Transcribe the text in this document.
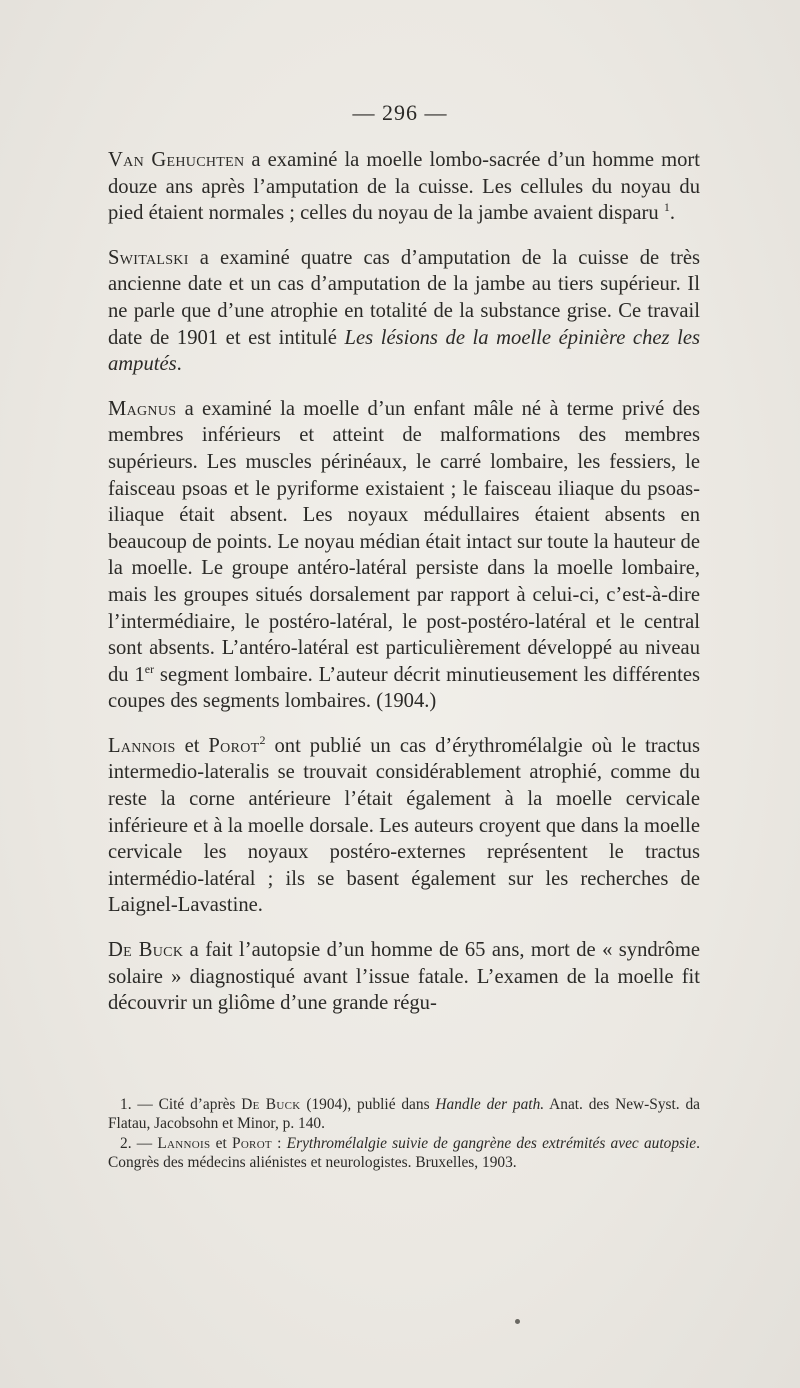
— 296 —

Van Gehuchten a examiné la moelle lombo-sacrée d’un homme mort douze ans après l’amputation de la cuisse. Les cellules du noyau du pied étaient normales ; celles du noyau de la jambe avaient disparu $^1$.

Switalski a examiné quatre cas d’amputation de la cuisse de très ancienne date et un cas d’amputation de la jambe au tiers supérieur. Il ne parle que d’une atrophie en totalité de la substance grise. Ce travail date de 1901 et est intitulé Les lésions de la moelle épinière chez les amputés.

Magnus a examiné la moelle d’un enfant mâle né à terme privé des membres inférieurs et atteint de malformations des membres supérieurs. Les muscles périnéaux, le carré lombaire, les fessiers, le faisceau psoas et le pyriforme existaient ; le faisceau iliaque du psoas-iliaque était absent. Les noyaux médullaires étaient absents en beaucoup de points. Le noyau médian était intact sur toute la hauteur de la moelle. Le groupe antéro-latéral persiste dans la moelle lombaire, mais les groupes situés dorsalement par rapport à celui-ci, c’est-à-dire l’intermédiaire, le postéro-latéral, le post-postéro-latéral et le central sont absents. L’antéro-latéral est particulièrement développé au niveau du 1er segment lombaire. L’auteur décrit minutieusement les différentes coupes des segments lombaires. (1904.)

Lannois et Porot$^2$ ont publié un cas d’érythromélalgie où le tractus intermedio-lateralis se trouvait considérablement atrophié, comme du reste la corne antérieure l’était également à la moelle cervicale inférieure et à la moelle dorsale. Les auteurs croyent que dans la moelle cervicale les noyaux postéro-externes représentent le tractus intermédio-latéral ; ils se basent également sur les recherches de Laignel-Lavastine.

De Buck a fait l’autopsie d’un homme de 65 ans, mort de « syndrôme solaire » diagnostiqué avant l’issue fatale. L’examen de la moelle fit découvrir un gliôme d’une grande régu-

1. — Cité d’après De Buck (1904), publié dans Handle der path. Anat. des New-Syst. da Flatau, Jacobsohn et Minor, p. 140.

2. — Lannois et Porot : Erythromélalgie suivie de gangrène des extrémités avec autopsie. Congrès des médecins aliénistes et neurologistes. Bruxelles, 1903.
